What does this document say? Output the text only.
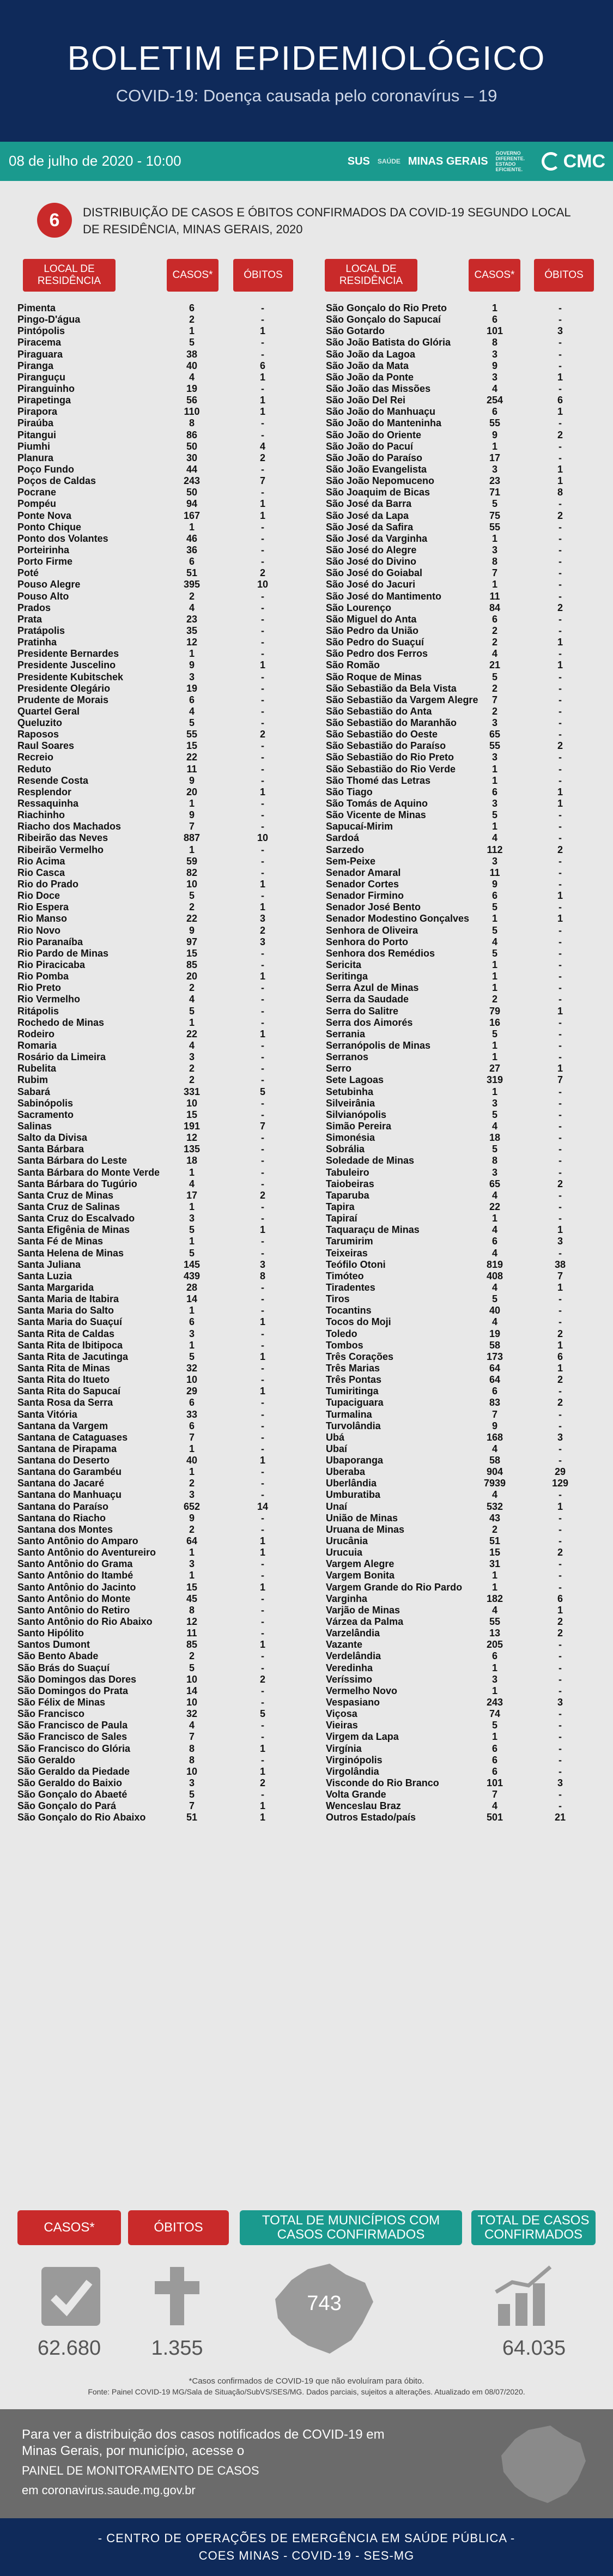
BOLETIM EPIDEMIOLÓGICO
COVID-19: Doença causada pelo coronavírus – 19
08 de julho de 2020 - 10:00	SUS SAÚDE MINAS GERAIS
GOVERNO DIFERENTE. ESTADO EFICIENTE.	CMC
6	DISTRIBUIÇÃO DE CASOS E ÓBITOS CONFIRMADOS DA COVID-19 SEGUNDO LOCAL DE RESIDÊNCIA, MINAS GERAIS, 2020
LOCAL DE RESIDÊNCIA
CASOS*	ÓBITOS
LOCAL DE RESIDÊNCIA
CASOS*	ÓBITOS
Pimenta	6	-
Pingo-D'água	2	-
Pintópolis	1	1
Piracema	5	-
Piraguara	38	-
Piranga	40	6
Piranguçu	4	1
Piranguinho	19	-
Pirapetinga	56	1
Pirapora	110	1
Piraúba	8	-
Pitangui	86	-
Piumhi	50	4
Planura	30	2
Poço Fundo	44	-
Poços de Caldas	243	7
Pocrane	50	-
Pompéu	94	1
Ponte Nova	167	1
Ponto Chique	1	-
Ponto dos Volantes	46	-
Porteirinha	36	-
Porto Firme	6	-
Poté	51	2
Pouso Alegre	395	10
Pouso Alto	2	-
Prados	4	-
Prata	23	-
Pratápolis	35	-
Pratinha	12	-
Presidente Bernardes	1	-
Presidente Juscelino	9	1
Presidente Kubitschek	3	-
Presidente Olegário	19	-
Prudente de Morais	6	-
Quartel Geral	4	-
Queluzito	5	-
Raposos	55	2
Raul Soares	15	-
Recreio	22	-
Reduto	11	-
Resende Costa	9	-
Resplendor	20	1
Ressaquinha	1	-
Riachinho	9	-
Riacho dos Machados	7	-
Ribeirão das Neves	887	10
Ribeirão Vermelho	1	-
Rio Acima	59	-
Rio Casca	82	-
Rio do Prado	10	1
Rio Doce	5	-
Rio Espera	2	1
Rio Manso	22	3
Rio Novo	9	2
Rio Paranaíba	97	3
Rio Pardo de Minas	15	-
Rio Piracicaba	85	-
Rio Pomba	20	1
Rio Preto	2	-
Rio Vermelho	4	-
Ritápolis	5	-
Rochedo de Minas	1	-
Rodeiro	22	1
Romaria	4	-
Rosário da Limeira	3	-
Rubelita	2	-
Rubim	2	-
Sabará	331	5
Sabinópolis	10	-
Sacramento	15	-
Salinas	191	7
Salto da Divisa	12	-
Santa Bárbara	135	-
Santa Bárbara do Leste	18	-
Santa Bárbara do Monte Verde	1	-
Santa Bárbara do Tugúrio	4	-
Santa Cruz de Minas	17	2
Santa Cruz de Salinas	1	-
Santa Cruz do Escalvado	3	-
Santa Efigênia de Minas	5	1
Santa Fé de Minas	1	-
Santa Helena de Minas	5	-
Santa Juliana	145	3
Santa Luzia	439	8
Santa Margarida	28	-
Santa Maria de Itabira	14	-
Santa Maria do Salto	1	-
Santa Maria do Suaçuí	6	1
Santa Rita de Caldas	3	-
Santa Rita de Ibitipoca	1	-
Santa Rita de Jacutinga	5	1
Santa Rita de Minas	32	-
Santa Rita do Itueto	10	-
Santa Rita do Sapucaí	29	1
Santa Rosa da Serra	6	-
Santa Vitória	33	-
Santana da Vargem	6	-
Santana de Cataguases	7	-
Santana de Pirapama	1	-
Santana do Deserto	40	1
Santana do Garambéu	1	-
Santana do Jacaré	2	-
Santana do Manhuaçu	3	-
Santana do Paraíso	652	14
Santana do Riacho	9	-
Santana dos Montes	2	-
Santo Antônio do Amparo	64	1
Santo Antônio do Aventureiro	1	1
Santo Antônio do Grama	3	-
Santo Antônio do Itambé	1	-
Santo Antônio do Jacinto	15	1
Santo Antônio do Monte	45	-
Santo Antônio do Retiro	8	-
Santo Antônio do Rio Abaixo	12	-
Santo Hipólito	11	-
Santos Dumont	85	1
São Bento Abade	2	-
São Brás do Suaçuí	5	-
São Domingos das Dores	10	2
São Domingos do Prata	14	-
São Félix de Minas	10	-
São Francisco	32	5
São Francisco de Paula	4	-
São Francisco de Sales	7	-
São Francisco do Glória	8	1
São Geraldo	8	-
São Geraldo da Piedade	10	1
São Geraldo do Baixio	3	2
São Gonçalo do Abaeté	5	-
São Gonçalo do Pará	7	1
São Gonçalo do Rio Abaixo	51	1
São Gonçalo do Rio Preto	1	-
São Gonçalo do Sapucaí	6	-
São Gotardo	101	3
São João Batista do Glória	8	-
São João da Lagoa	3	-
São João da Mata	9	-
São João da Ponte	3	1
São João das Missões	4	-
São João Del Rei	254	6
São João do Manhuaçu	6	1
São João do Manteninha	55	-
São João do Oriente	9	2
São João do Pacuí	1	-
São João do Paraíso	17	-
São João Evangelista	3	1
São João Nepomuceno	23	1
São Joaquim de Bicas	71	8
São José da Barra	5	-
São José da Lapa	75	2
São José da Safira	55	-
São José da Varginha	1	-
São José do Alegre	3	-
São José do Divino	8	-
São José do Goiabal	7	-
São José do Jacuri	1	-
São José do Mantimento	11	-
São Lourenço	84	2
São Miguel do Anta	6	-
São Pedro da União	2	-
São Pedro do Suaçuí	2	1
São Pedro dos Ferros	4	-
São Romão	21	1
São Roque de Minas	5	-
São Sebastião da Bela Vista	2	-
São Sebastião da Vargem Alegre	7	-
São Sebastião do Anta	2	-
São Sebastião do Maranhão	3	-
São Sebastião do Oeste	65	-
São Sebastião do Paraíso	55	2
São Sebastião do Rio Preto	3	-
São Sebastião do Rio Verde	1	-
São Thomé das Letras	1	-
São Tiago	6	1
São Tomás de Aquino	3	1
São Vicente de Minas	5	-
Sapucaí-Mirim	1	-
Sardoá	4	-
Sarzedo	112	2
Sem-Peixe	3	-
Senador Amaral	11	-
Senador Cortes	9	-
Senador Firmino	6	1
Senador José Bento	5	-
Senador Modestino Gonçalves	1	1
Senhora de Oliveira	5	-
Senhora do Porto	4	-
Senhora dos Remédios	5	-
Sericita	1	-
Seritinga	1	-
Serra Azul de Minas	1	-
Serra da Saudade	2	-
Serra do Salitre	79	1
Serra dos Aimorés	16	-
Serrania	5	-
Serranópolis de Minas	1	-
Serranos	1	-
Serro	27	1
Sete Lagoas	319	7
Setubinha	1	-
Silveirânia	3	-
Silvianópolis	5	-
Simão Pereira	4	-
Simonésia	18	-
Sobrália	5	-
Soledade de Minas	8	-
Tabuleiro	3	-
Taiobeiras	65	2
Taparuba	4	-
Tapira	22	-
Tapiraí	1	-
Taquaraçu de Minas	4	1
Tarumirim	6	3
Teixeiras	4	-
Teófilo Otoni	819	38
Timóteo	408	7
Tiradentes	4	1
Tiros	5	-
Tocantins	40	-
Tocos do Moji	4	-
Toledo	19	2
Tombos	58	1
Três Corações	173	6
Três Marias	64	1
Três Pontas	64	2
Tumiritinga	6	-
Tupaciguara	83	2
Turmalina	7	-
Turvolândia	9	-
Ubá	168	3
Ubaí	4	-
Ubaporanga	58	-
Uberaba	904	29
Uberlândia	7939	129
Umburatiba	4	-
Unaí	532	1
União de Minas	43	-
Uruana de Minas	2	-
Urucânia	51	-
Urucuia	15	2
Vargem Alegre	31	-
Vargem Bonita	1	-
Vargem Grande do Rio Pardo	1	-
Varginha	182	6
Varjão de Minas	4	1
Várzea da Palma	55	2
Varzelândia	13	2
Vazante	205	-
Verdelândia	6	-
Veredinha	1	-
Veríssimo	3	-
Vermelho Novo	1	-
Vespasiano	243	3
Viçosa	74	-
Vieiras	5	-
Virgem da Lapa	1	-
Virgínia	6	-
Virginópolis	6	-
Virgolândia	6	-
Visconde do Rio Branco	101	3
Volta Grande	7	-
Wenceslau Braz	4	-
Outros Estado/país	501	21
CASOS*	ÓBITOS	TOTAL DE MUNICÍPIOS COM CASOS CONFIRMADOS
TOTAL DE CASOS CONFIRMADOS
743
62.680	1.355	64.035
*Casos confirmados de COVID-19 que não evoluíram para óbito.
Fonte: Painel COVID-19 MG/Sala de Situação/SubVS/SES/MG. Dados parciais, sujeitos a alterações. Atualizado em 08/07/2020.
Para ver a distribuição dos casos notificados de COVID-19 em Minas Gerais, por município, acesse o
PAINEL DE MONITORAMENTO DE CASOS
em coronavirus.saude.mg.gov.br
- CENTRO DE OPERAÇÕES DE EMERGÊNCIA EM SAÚDE PÚBLICA -
COES MINAS - COVID-19 - SES-MG
